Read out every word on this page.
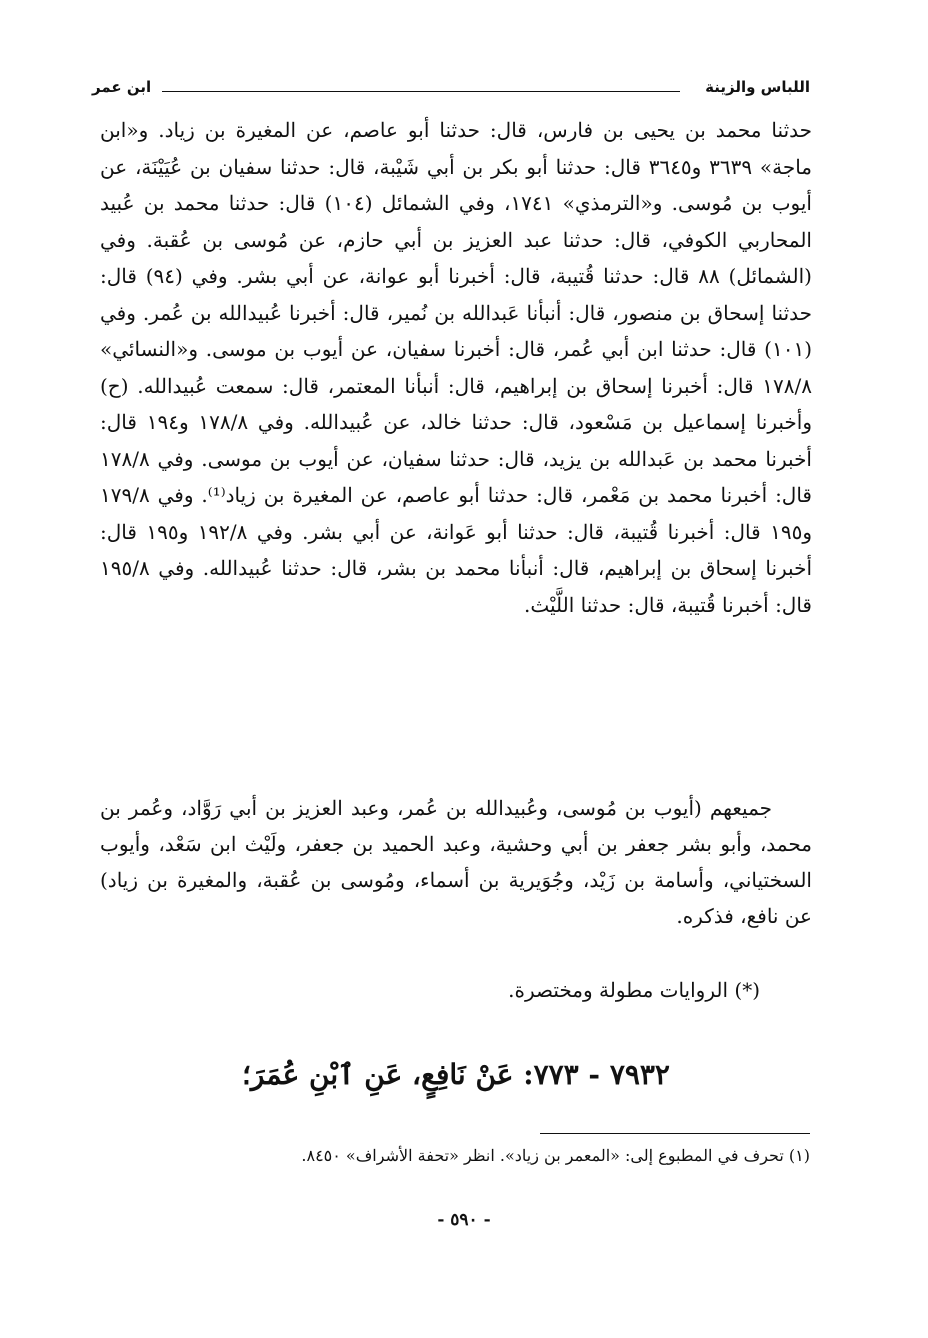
اللباس والزينة
ابن عمر

حدثنا محمد بن يحيى بن فارس، قال: حدثنا أبو عاصم، عن المغيرة بن زياد. و«ابن ماجة» ٣٦٣٩ و٣٦٤٥ قال: حدثنا أبو بكر بن أبي شَيْبة، قال: حدثنا سفيان بن عُيَيْنَة، عن أيوب بن مُوسى. و«الترمذي» ١٧٤١، وفي الشمائل (١٠٤) قال: حدثنا محمد بن عُبيد المحاربي الكوفي، قال: حدثنا عبد العزيز بن أبي حازم، عن مُوسى بن عُقبة. وفي (الشمائل) ٨٨ قال: حدثنا قُتيبة، قال: أخبرنا أبو عوانة، عن أبي بشر. وفي (٩٤) قال: حدثنا إسحاق بن منصور، قال: أنبأنا عَبدالله بن نُمير، قال: أخبرنا عُبيدالله بن عُمر. وفي (١٠١) قال: حدثنا ابن أبي عُمر، قال: أخبرنا سفيان، عن أيوب بن موسى. و«النسائي» ١٧٨/٨ قال: أخبرنا إسحاق بن إبراهيم، قال: أنبأنا المعتمر، قال: سمعت عُبيدالله. (ح) وأخبرنا إسماعيل بن مَسْعود، قال: حدثنا خالد، عن عُبيدالله. وفي ١٧٨/٨ و١٩٤ قال: أخبرنا محمد بن عَبدالله بن يزيد، قال: حدثنا سفيان، عن أيوب بن موسى. وفي ١٧٨/٨ قال: أخبرنا محمد بن مَعْمر، قال: حدثنا أبو عاصم، عن المغيرة بن زياد⁽¹⁾. وفي ١٧٩/٨ و١٩٥ قال: أخبرنا قُتيبة، قال: حدثنا أبو عَوانة، عن أبي بشر. وفي ١٩٢/٨ و١٩٥ قال: أخبرنا إسحاق بن إبراهيم، قال: أنبأنا محمد بن بشر، قال: حدثنا عُبيدالله. وفي ١٩٥/٨ قال: أخبرنا قُتيبة، قال: حدثنا اللَّيْث.

جميعهم (أيوب بن مُوسى، وعُبيدالله بن عُمر، وعبد العزيز بن أبي رَوَّاد، وعُمر بن محمد، وأبو بشر جعفر بن أبي وحشية، وعبد الحميد بن جعفر، ولَيْث ابن سَعْد، وأيوب السختياني، وأسامة بن زَيْد، وجُوَيرية بن أسماء، ومُوسى بن عُقبة، والمغيرة بن زياد) عن نافع، فذكره.

(*) الروايات مطولة ومختصرة.
٧٩٣٢ - ٧٧٣: عَنْ نَافِعٍ، عَنِ ٱبْنِ عُمَرَ؛
(١) تحرف في المطبوع إلى: «المعمر بن زياد». انظر «تحفة الأشراف» ٨٤٥٠.
- ٥٩٠ -
